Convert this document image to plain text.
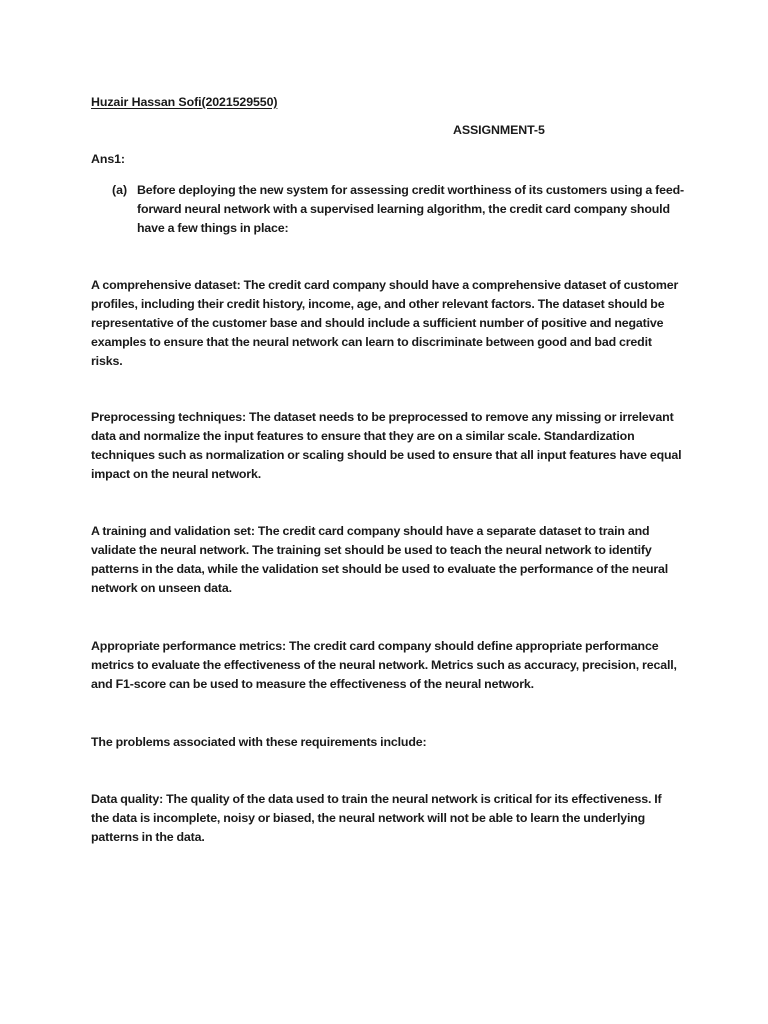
Huzair Hassan Sofi(2021529550)
ASSIGNMENT-5
Ans1:
(a) Before deploying the new system for assessing credit worthiness of its customers using a feed-
forward neural network with a supervised learning algorithm, the credit card company should
have a few things in place:
A comprehensive dataset: The credit card company should have a comprehensive dataset of customer
profiles, including their credit history, income, age, and other relevant factors. The dataset should be
representative of the customer base and should include a sufficient number of positive and negative
examples to ensure that the neural network can learn to discriminate between good and bad credit
risks.
Preprocessing techniques: The dataset needs to be preprocessed to remove any missing or irrelevant
data and normalize the input features to ensure that they are on a similar scale. Standardization
techniques such as normalization or scaling should be used to ensure that all input features have equal
impact on the neural network.
A training and validation set: The credit card company should have a separate dataset to train and
validate the neural network. The training set should be used to teach the neural network to identify
patterns in the data, while the validation set should be used to evaluate the performance of the neural
network on unseen data.
Appropriate performance metrics: The credit card company should define appropriate performance
metrics to evaluate the effectiveness of the neural network. Metrics such as accuracy, precision, recall,
and F1-score can be used to measure the effectiveness of the neural network.
The problems associated with these requirements include:
Data quality: The quality of the data used to train the neural network is critical for its effectiveness. If
the data is incomplete, noisy or biased, the neural network will not be able to learn the underlying
patterns in the data.
